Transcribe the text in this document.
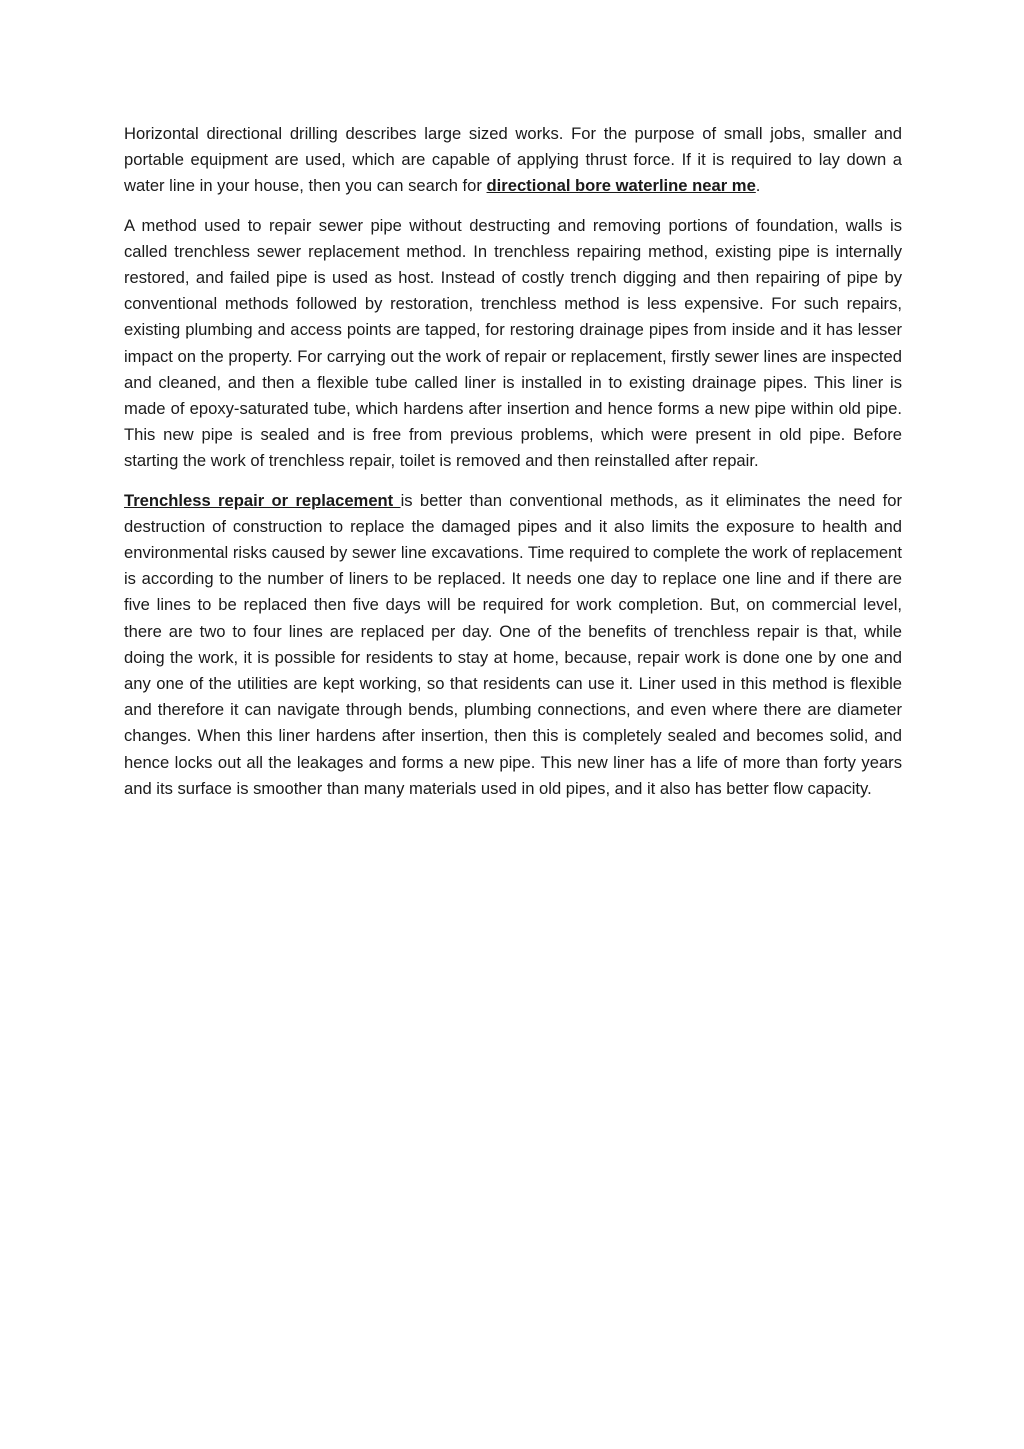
Horizontal directional drilling describes large sized works. For the purpose of small jobs, smaller and portable equipment are used, which are capable of applying thrust force. If it is required to lay down a water line in your house, then you can search for directional bore waterline near me.

A method used to repair sewer pipe without destructing and removing portions of foundation, walls is called trenchless sewer replacement method. In trenchless repairing method, existing pipe is internally restored, and failed pipe is used as host. Instead of costly trench digging and then repairing of pipe by conventional methods followed by restoration, trenchless method is less expensive. For such repairs, existing plumbing and access points are tapped, for restoring drainage pipes from inside and it has lesser impact on the property. For carrying out the work of repair or replacement, firstly sewer lines are inspected and cleaned, and then a flexible tube called liner is installed in to existing drainage pipes. This liner is made of epoxy-saturated tube, which hardens after insertion and hence forms a new pipe within old pipe. This new pipe is sealed and is free from previous problems, which were present in old pipe. Before starting the work of trenchless repair, toilet is removed and then reinstalled after repair.

Trenchless repair or replacement is better than conventional methods, as it eliminates the need for destruction of construction to replace the damaged pipes and it also limits the exposure to health and environmental risks caused by sewer line excavations. Time required to complete the work of replacement is according to the number of liners to be replaced. It needs one day to replace one line and if there are five lines to be replaced then five days will be required for work completion. But, on commercial level, there are two to four lines are replaced per day. One of the benefits of trenchless repair is that, while doing the work, it is possible for residents to stay at home, because, repair work is done one by one and any one of the utilities are kept working, so that residents can use it. Liner used in this method is flexible and therefore it can navigate through bends, plumbing connections, and even where there are diameter changes. When this liner hardens after insertion, then this is completely sealed and becomes solid, and hence locks out all the leakages and forms a new pipe. This new liner has a life of more than forty years and its surface is smoother than many materials used in old pipes, and it also has better flow capacity.
